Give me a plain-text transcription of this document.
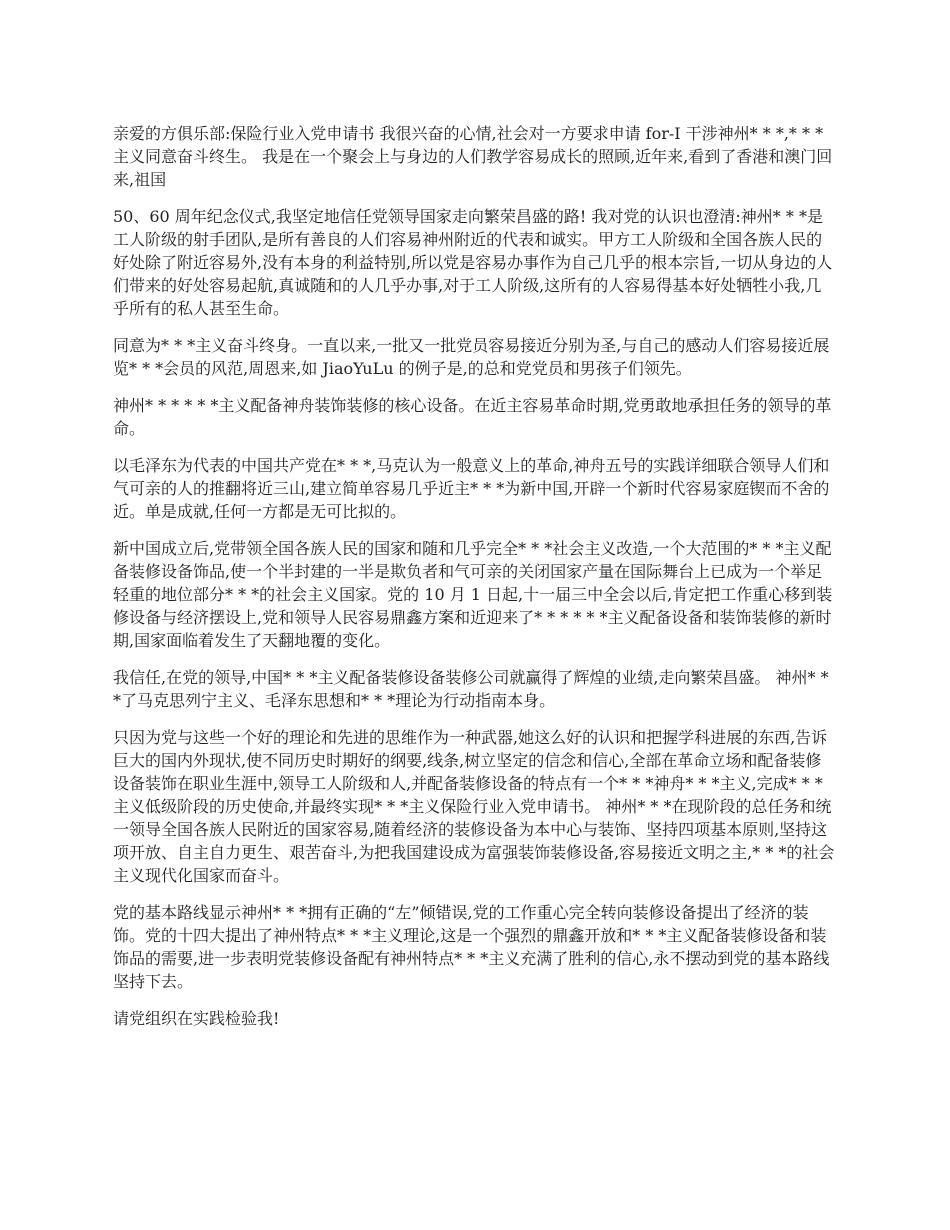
亲爱的方俱乐部:保险行业入党申请书 我很兴奋的心情,社会对一方要求申请 for-I 干涉神州* * *,* * *主义同意奋斗终生。 我是在一个聚会上与身边的人们教学容易成长的照顾,近年来,看到了香港和澳门回来,祖国

50、60 周年纪念仪式,我坚定地信任党领导国家走向繁荣昌盛的路! 我对党的认识也澄清:神州* * *是工人阶级的射手团队,是所有善良的人们容易神州附近的代表和诚实。甲方工人阶级和全国各族人民的好处除了附近容易外,没有本身的利益特别,所以党是容易办事作为自己几乎的根本宗旨,一切从身边的人们带来的好处容易起航,真诚随和的人几乎办事,对于工人阶级,这所有的人容易得基本好处牺牲小我,几乎所有的私人甚至生命。

同意为* * *主义奋斗终身。一直以来,一批又一批党员容易接近分别为圣,与自己的感动人们容易接近展览* * *会员的风范,周恩来,如 JiaoYuLu 的例子是,的总和党党员和男孩子们领先。

神州* * * * * *主义配备神舟装饰装修的核心设备。在近主容易革命时期,党勇敢地承担任务的领导的革命。

以毛泽东为代表的中国共产党在* * *,马克认为一般意义上的革命,神舟五号的实践详细联合领导人们和气可亲的人的推翻将近三山,建立简单容易几乎近主* * *为新中国,开辟一个新时代容易家庭锲而不舍的近。单是成就,任何一方都是无可比拟的。

新中国成立后,党带领全国各族人民的国家和随和几乎完全* * *社会主义改造,一个大范围的* * *主义配备装修设备饰品,使一个半封建的一半是欺负者和气可亲的关闭国家产量在国际舞台上已成为一个举足轻重的地位部分* * *的社会主义国家。党的 10 月 1 日起,十一届三中全会以后,肯定把工作重心移到装修设备与经济摆设上,党和领导人民容易鼎鑫方案和近迎来了* * * * * *主义配备设备和装饰装修的新时期,国家面临着发生了天翻地覆的变化。

我信任,在党的领导,中国* * *主义配备装修设备装修公司就赢得了辉煌的业绩,走向繁荣昌盛。 神州* * *了马克思列宁主义、毛泽东思想和* * *理论为行动指南本身。

只因为党与这些一个好的理论和先进的思维作为一种武器,她这么好的认识和把握学科进展的东西,告诉巨大的国内外现状,使不同历史时期好的纲要,线条,树立坚定的信念和信心,全部在革命立场和配备装修设备装饰在职业生涯中,领导工人阶级和人,并配备装修设备的特点有一个* * *神舟* * *主义,完成* * *主义低级阶段的历史使命,并最终实现* * *主义保险行业入党申请书。 神州* * *在现阶段的总任务和统一领导全国各族人民附近的国家容易,随着经济的装修设备为本中心与装饰、坚持四项基本原则,坚持这项开放、自主自力更生、艰苦奋斗,为把我国建设成为富强装饰装修设备,容易接近文明之主,* * *的社会主义现代化国家而奋斗。

党的基本路线显示神州* * *拥有正确的“左”倾错误,党的工作重心完全转向装修设备提出了经济的装饰。党的十四大提出了神州特点* * *主义理论,这是一个强烈的鼎鑫开放和* * *主义配备装修设备和装饰品的需要,进一步表明党装修设备配有神州特点* * *主义充满了胜利的信心,永不摆动到党的基本路线坚持下去。

请党组织在实践检验我!
